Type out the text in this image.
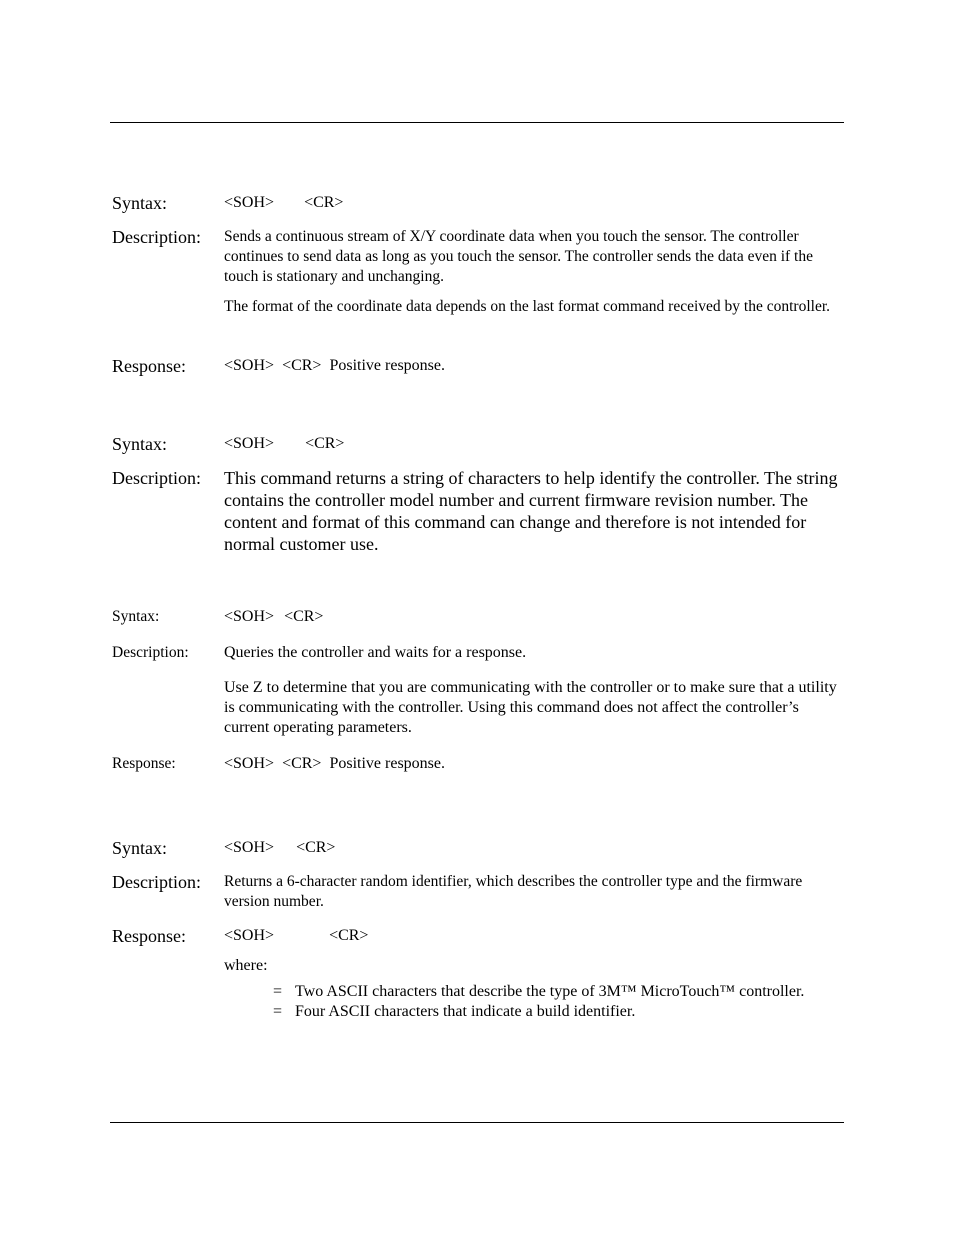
Syntax:	<SOH> <CR>
Description: Sends a continuous stream of X/Y coordinate data when you touch the sensor. The controller continues to send data as long as you touch the sensor. The controller sends the data even if the touch is stationary and unchanging.

The format of the coordinate data depends on the last format command received by the controller.

Response: <SOH> <CR> Positive response.
Syntax:	<SOH> <CR>
Description: This command returns a string of characters to help identify the controller. The string contains the controller model number and current firmware revision number. The content and format of this command can change and therefore is not intended for normal customer use.

Syntax:	<SOH> <CR>
Description: Queries the controller and waits for a response.

Use Z to determine that you are communicating with the controller or to make sure that a utility is communicating with the controller. Using this command does not affect the controller’s current operating parameters.

Response:	<SOH> <CR> Positive response.
Syntax:	<SOH> <CR>
Description: Returns a 6-character random identifier, which describes the controller type and the firmware version number.

Response: <SOH>	<CR>
where:
= Two ASCII characters that describe the type of 3M™ MicroTouch™ controller.
= Four ASCII characters that indicate a build identifier.
